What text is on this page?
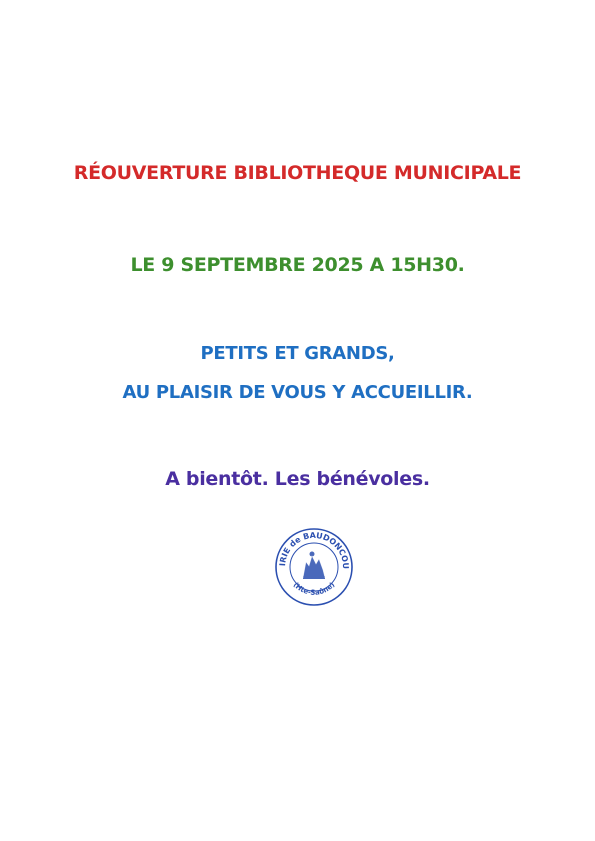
RÉOUVERTURE BIBLIOTHEQUE MUNICIPALE
LE 9 SEPTEMBRE 2025 A 15H30.
PETITS ET GRANDS,
AU PLAISIR DE VOUS Y ACCUEILLIR.
A bientôt. Les bénévoles.
IRIE de BAUDONCOU
(Hte-Saône)
